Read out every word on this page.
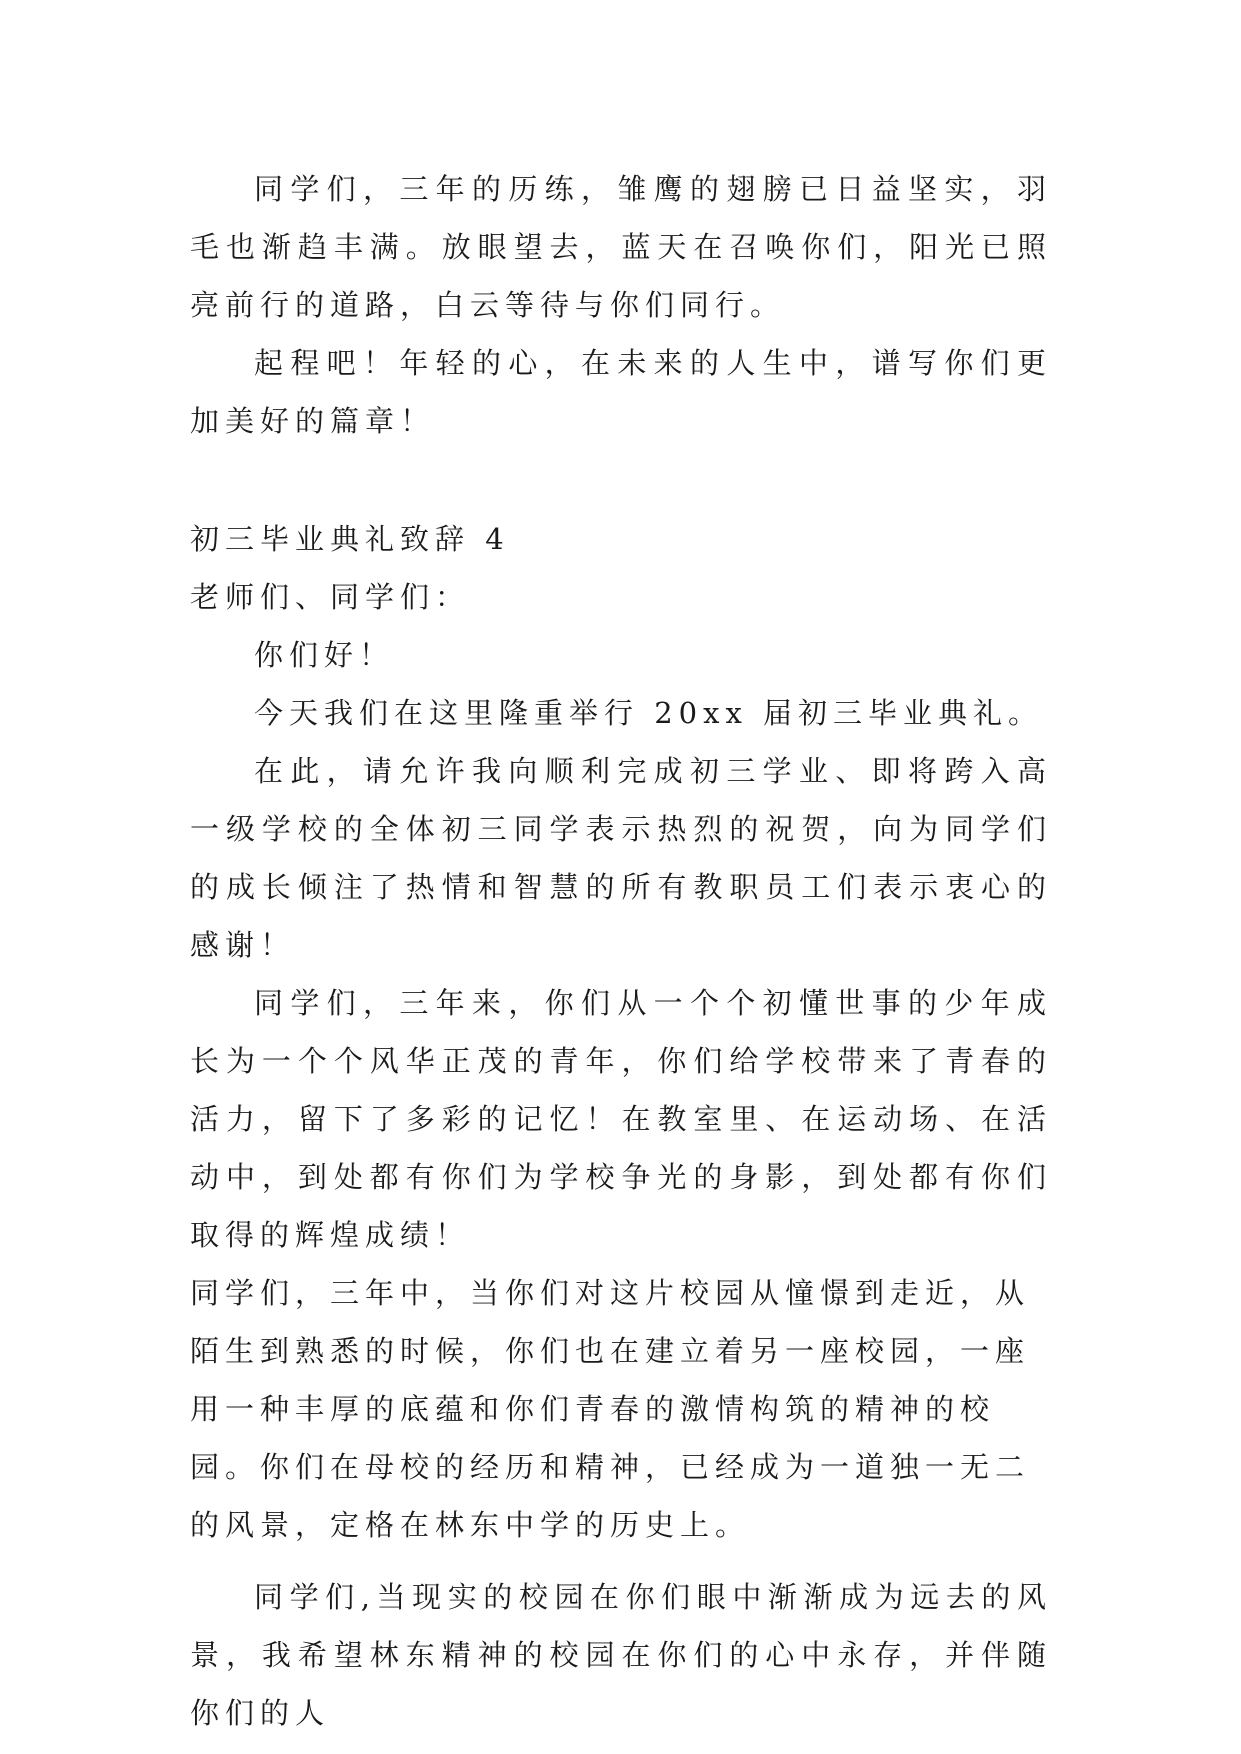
同学们，三年的历练，雏鹰的翅膀已日益坚实，羽毛也渐趋丰满。放眼望去，蓝天在召唤你们，阳光已照亮前行的道路，白云等待与你们同行。

起程吧！年轻的心，在未来的人生中，谱写你们更加美好的篇章！

初三毕业典礼致辞 4

老师们、同学们：

你们好！

今天我们在这里隆重举行 20xx 届初三毕业典礼。

在此，请允许我向顺利完成初三学业、即将跨入高一级学校的全体初三同学表示热烈的祝贺，向为同学们的成长倾注了热情和智慧的所有教职员工们表示衷心的感谢！

同学们，三年来，你们从一个个初懂世事的少年成长为一个个风华正茂的青年，你们给学校带来了青春的活力，留下了多彩的记忆！在教室里、在运动场、在活动中，到处都有你们为学校争光的身影，到处都有你们取得的辉煌成绩！

同学们，三年中，当你们对这片校园从憧憬到走近，从陌生到熟悉的时候，你们也在建立着另一座校园，一座用一种丰厚的底蕴和你们青春的激情构筑的精神的校园。你们在母校的经历和精神，已经成为一道独一无二的风景，定格在林东中学的历史上。

同学们,当现实的校园在你们眼中渐渐成为远去的风景，我希望林东精神的校园在你们的心中永存，并伴随你们的人
